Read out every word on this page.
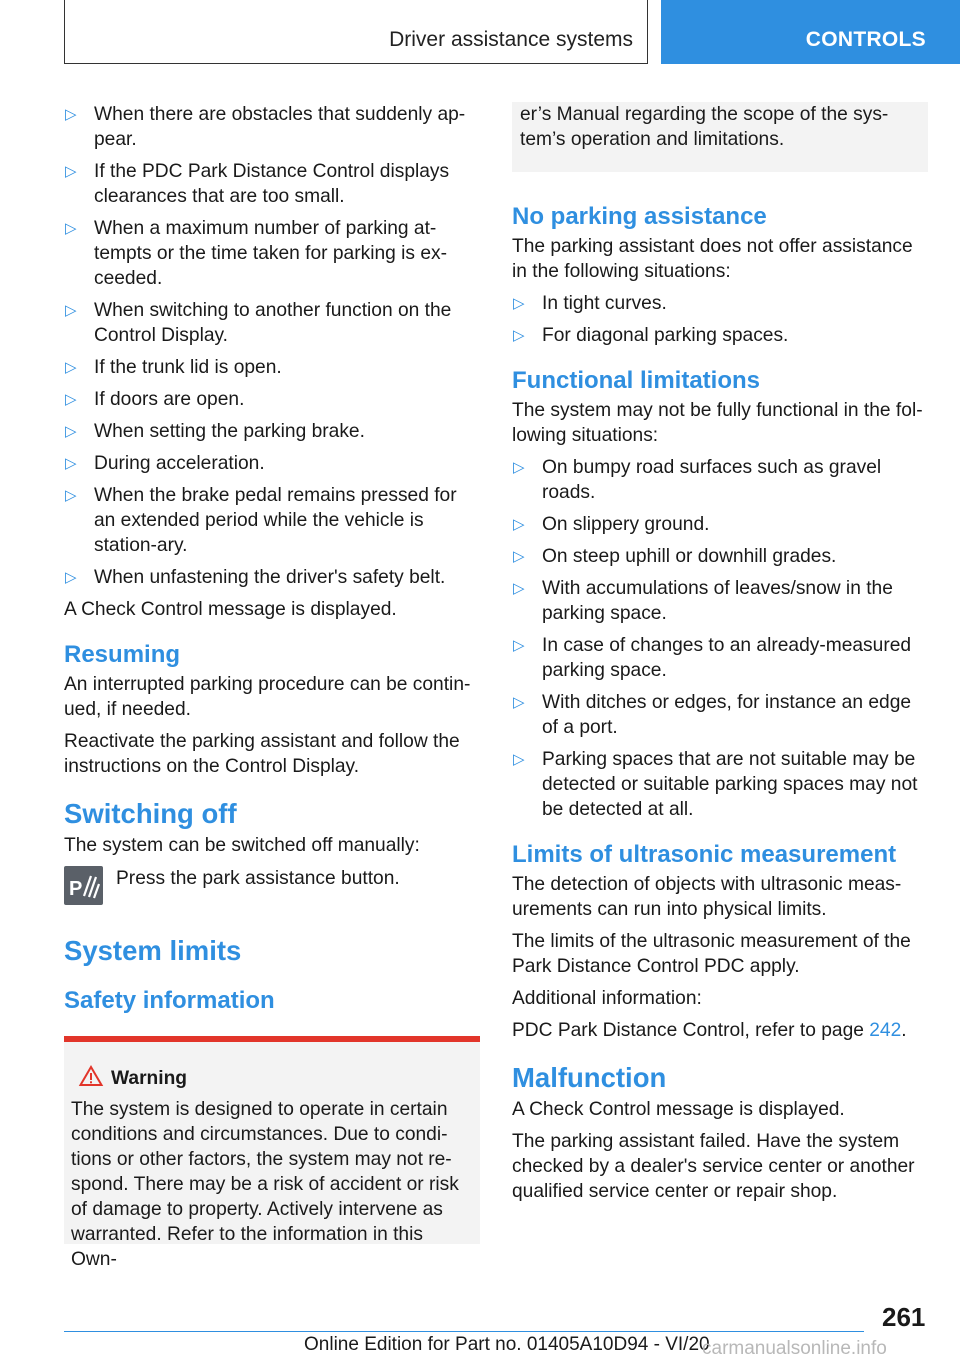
Driver assistance systems	CONTROLS
▷ When there are obstacles that suddenly ap-pear.
▷ If the PDC Park Distance Control displays clearances that are too small.
▷ When a maximum number of parking at-tempts or the time taken for parking is ex-ceeded.
▷ When switching to another function on the Control Display.
▷ If the trunk lid is open.
▷ If doors are open.
▷ When setting the parking brake.
▷ During acceleration.
▷ When the brake pedal remains pressed for an extended period while the vehicle is station-ary.
▷ When unfastening the driver's safety belt.

A Check Control message is displayed.

Resuming

An interrupted parking procedure can be contin-ued, if needed.

Reactivate the parking assistant and follow the instructions on the Control Display.

Switching off

The system can be switched off manually:

P Press the park assistance button.
System limits
Safety information
Warning

The system is designed to operate in certain conditions and circumstances. Due to condi-tions or other factors, the system may not re-spond. There may be a risk of accident or risk of damage to property. Actively intervene as warranted. Refer to the information in this Own-

er’s Manual regarding the scope of the sys-tem’s operation and limitations.

No parking assistance

The parking assistant does not offer assistance in the following situations:

▷ In tight curves.
▷ For diagonal parking spaces.
Functional limitations

The system may not be fully functional in the fol-lowing situations:

▷ On bumpy road surfaces such as gravel roads.
▷ On slippery ground.
▷ On steep uphill or downhill grades.
▷ With accumulations of leaves/snow in the parking space.
▷ In case of changes to an already-measured parking space.
▷ With ditches or edges, for instance an edge of a port.
▷ Parking spaces that are not suitable may be detected or suitable parking spaces may not be detected at all.
Limits of ultrasonic measurement

The detection of objects with ultrasonic meas-urements can run into physical limits.

The limits of the ultrasonic measurement of the Park Distance Control PDC apply.

Additional information:

PDC Park Distance Control, refer to page 242.

Malfunction

A Check Control message is displayed.

The parking assistant failed. Have the system checked by a dealer's service center or another qualified service center or repair shop.

261
Online Edition for Part no. 01405A10D94 - VI/20
carmanualsonline.info
